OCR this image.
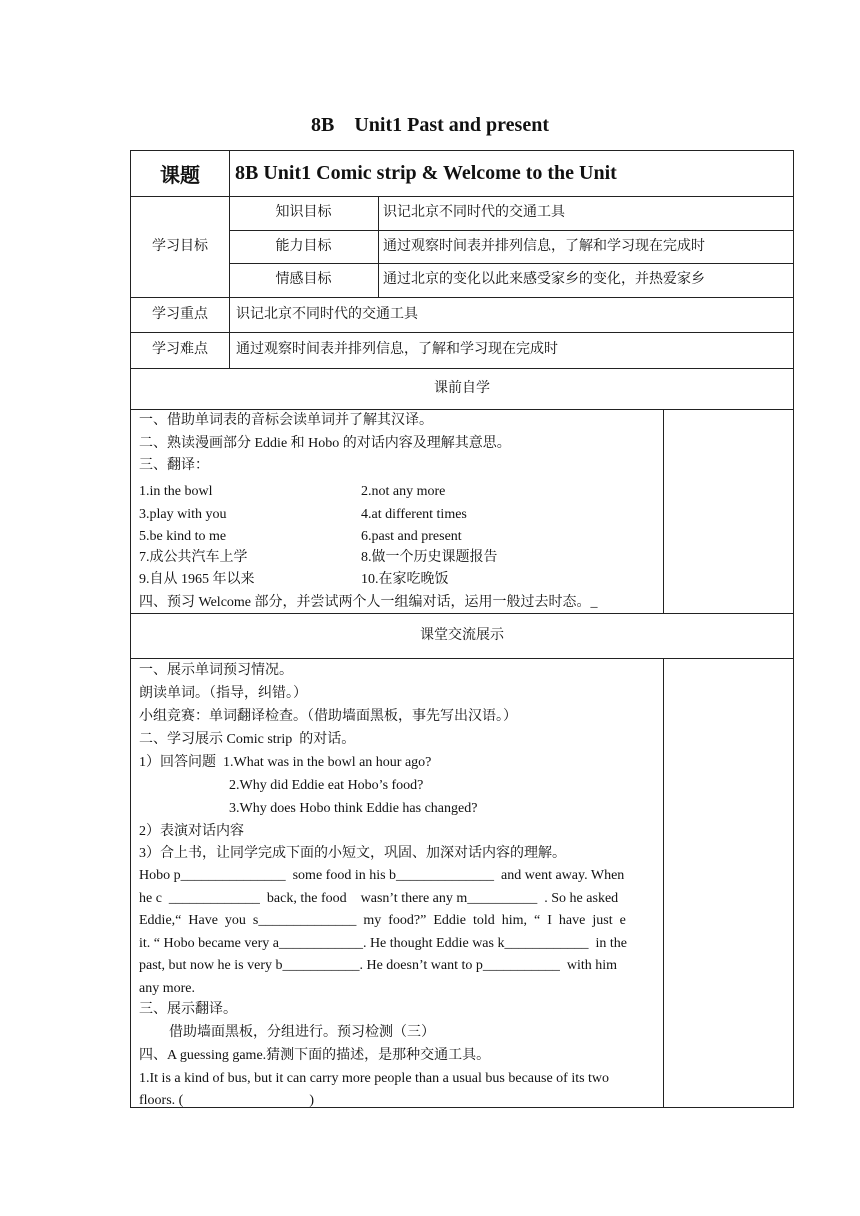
8B    Unit1 Past and present
课题	8B Unit1 Comic strip & Welcome to the Unit
学习目标
知识目标	识记北京不同时代的交通工具
能力目标	通过观察时间表并排列信息，了解和学习现在完成时
情感目标	通过北京的变化以此来感受家乡的变化，并热爱家乡
学习重点	识记北京不同时代的交通工具
学习难点	通过观察时间表并排列信息，了解和学习现在完成时
课前自学
一、借助单词表的音标会读单词并了解其汉译。
二、熟读漫画部分 Eddie 和 Hobo 的对话内容及理解其意思。
三、翻译：
1.in the bowl	2.not any more
3.play with you	4.at different times
5.be kind to me	6.past and present
7.成公共汽车上学	8.做一个历史课题报告
9.自从 1965 年以来	10.在家吃晚饭
四、预习 Welcome 部分，并尝试两个人一组编对话，运用一般过去时态。_
课堂交流展示
一、展示单词预习情况。
朗读单词。（指导，纠错。）
小组竞赛：单词翻译检查。（借助墙面黑板，事先写出汉语。）
二、学习展示 Comic strip  的对话。
1）回答问题  1.What was in the bowl an hour ago?
2.Why did Eddie eat Hobo’s food?
3.Why does Hobo think Eddie has changed?
2）表演对话内容
3）合上书，让同学完成下面的小短文，巩固、加深对话内容的理解。
Hobo p_______________  some food in his b______________  and went away. When
he c  _____________  back, the food    wasn’t there any m__________  . So he asked
Eddie,“  Have  you  s______________  my  food?”  Eddie  told  him,  “  I  have  just  e
it. “ Hobo became very a____________. He thought Eddie was k____________  in the
past, but now he is very b___________. He doesn’t want to p___________  with him
any more.
三、展示翻译。
借助墙面黑板，分组进行。预习检测（三）
四、A guessing game.猜测下面的描述，是那种交通工具。
1.It is a kind of bus, but it can carry more people than a usual bus because of its two
floors. (                                    )
